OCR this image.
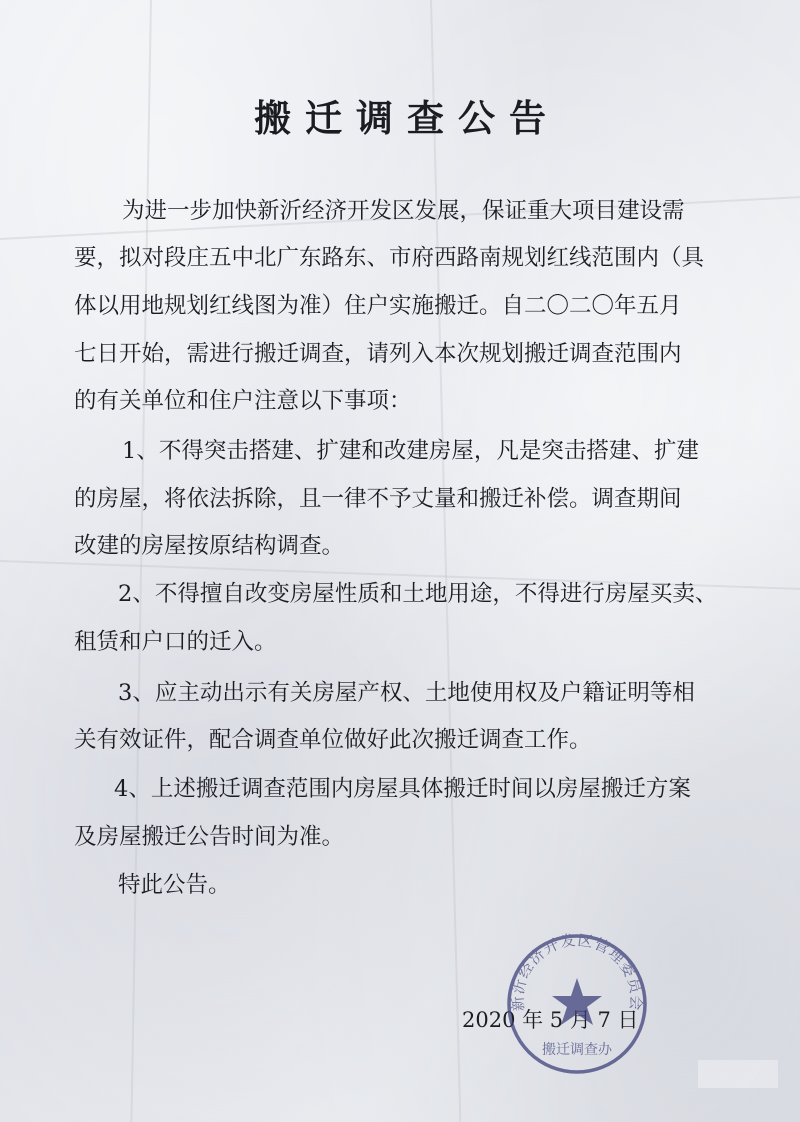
搬迁调查公告
为进一步加快新沂经济开发区发展，保证重大项目建设需
要，拟对段庄五中北广东路东、市府西路南规划红线范围内（具
体以用地规划红线图为准）住户实施搬迁。自二〇二〇年五月
七日开始，需进行搬迁调查，请列入本次规划搬迁调查范围内
的有关单位和住户注意以下事项：
1、不得突击搭建、扩建和改建房屋，凡是突击搭建、扩建
的房屋，将依法拆除，且一律不予丈量和搬迁补偿。调查期间
改建的房屋按原结构调查。
2、不得擅自改变房屋性质和土地用途，不得进行房屋买卖、
租赁和户口的迁入。
3、应主动出示有关房屋产权、土地使用权及户籍证明等相
关有效证件，配合调查单位做好此次搬迁调查工作。
4、上述搬迁调查范围内房屋具体搬迁时间以房屋搬迁方案
及房屋搬迁公告时间为准。
特此公告。
2020 年 5 月 7 日
新沂经济开发区管理委员会
搬迁调查办
